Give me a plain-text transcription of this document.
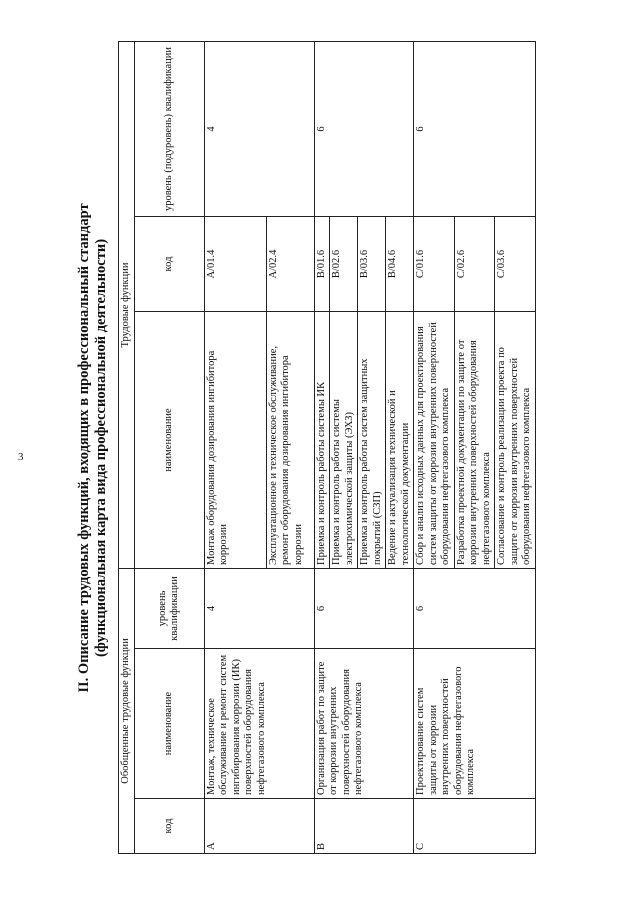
3	II. Описание трудовых функций, входящих в профессиональный стандарт (функциональная карта вида профессиональной деятельности)
Обобщенные трудовые функции			Трудовые функции		
код	наименование	уровень квалификации	наименование	код	уровень (подуровень) квалификации
A	Монтаж, техническое обслуживание и ремонт систем ингибирования коррозии (ИК) поверхностей оборудования нефтегазового комплекса	4	Монтаж оборудования дозирования ингибитора коррозии	A/01.4	4
			Эксплуатационное и техническое обслуживание, ремонт оборудования дозирования ингибитора коррозии	A/02.4	
B	Организация работ по защите от коррозии внутренних поверхностей оборудования нефтегазового комплекса	6	Приемка и контроль работы системы ИК	B/01.6	6
			Приемка и контроль работы системы электрохимической защиты (ЭХЗ)	B/02.6	
			Приемка и контроль работы систем защитных покрытий (СЗП)	B/03.6	
			Ведение и актуализация технической и технологической документации	B/04.6	
C	Проектирование систем защиты от коррозии внутренних поверхностей оборудования нефтегазового комплекса	6	Сбор и анализ исходных данных для проектирования систем защиты от коррозии внутренних поверхностей оборудования нефтегазового комплекса	C/01.6	6
			Разработка проектной документации по защите от коррозии внутренних поверхностей оборудования нефтегазового комплекса	C/02.6	
			Согласование и контроль реализации проекта по защите от коррозии внутренних поверхностей оборудования нефтегазового комплекса	C/03.6	
